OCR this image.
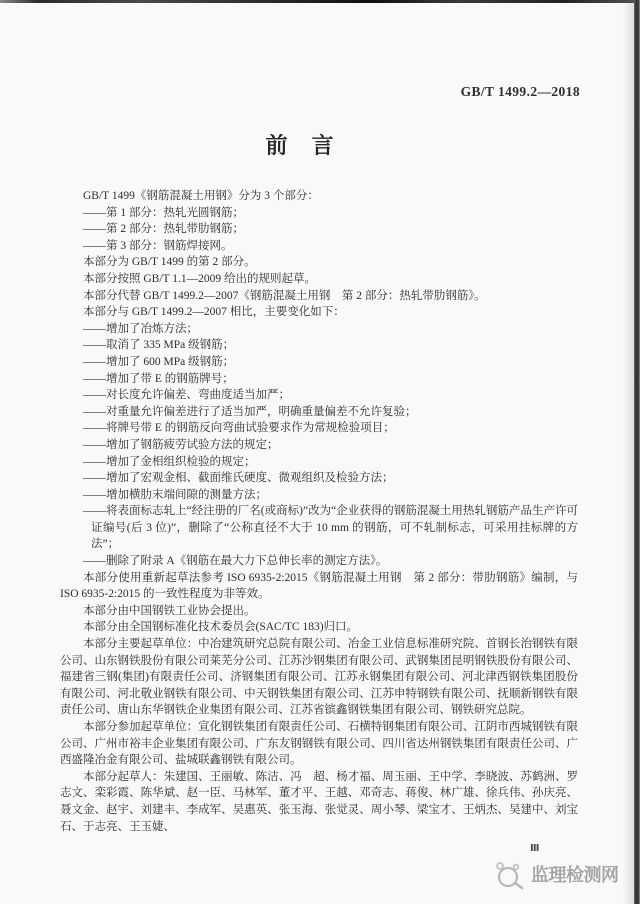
GB/T 1499.2—2018
前　言

GB/T 1499《钢筋混凝土用钢》分为 3 个部分：

——第 1 部分：热轧光圆钢筋；

——第 2 部分：热轧带肋钢筋；

——第 3 部分：钢筋焊接网。

本部分为 GB/T 1499 的第 2 部分。

本部分按照 GB/T 1.1—2009 给出的规则起草。

本部分代替 GB/T 1499.2—2007《钢筋混凝土用钢　第 2 部分：热轧带肋钢筋》。

本部分与 GB/T 1499.2—2007 相比，主要变化如下：

——增加了冶炼方法；

——取消了 335 MPa 级钢筋；

——增加了 600 MPa 级钢筋；

——增加了带 E 的钢筋牌号；

——对长度允许偏差、弯曲度适当加严；

——对重量允许偏差进行了适当加严，明确重量偏差不允许复验；

——将牌号带 E 的钢筋反向弯曲试验要求作为常规检验项目；

——增加了钢筋疲劳试验方法的规定；

——增加了金相组织检验的规定；

——增加了宏观金相、截面维氏硬度、微观组织及检验方法；

——增加横肋末端间隙的测量方法；

——将表面标志轧上“经注册的厂名(或商标)”改为“企业获得的钢筋混凝土用热轧钢筋产品生产许可证编号(后 3 位)”，删除了“公称直径不大于 10 mm 的钢筋，可不轧制标志，可采用挂标牌的方法”；

——删除了附录 A《钢筋在最大力下总伸长率的测定方法》。

本部分使用重新起草法参考 ISO 6935-2:2015《钢筋混凝土用钢　第 2 部分：带肋钢筋》编制，与 ISO 6935-2:2015 的一致性程度为非等效。

本部分由中国钢铁工业协会提出。

本部分由全国钢标准化技术委员会(SAC/TC 183)归口。

本部分主要起草单位：中冶建筑研究总院有限公司、冶金工业信息标准研究院、首钢长治钢铁有限公司、山东钢铁股份有限公司莱芜分公司、江苏沙钢集团有限公司、武钢集团昆明钢铁股份有限公司、福建省三钢(集团)有限责任公司、济钢集团有限公司、江苏永钢集团有限公司、河北津西钢铁集团股份有限公司、河北敬业钢铁有限公司、中天钢铁集团有限公司、江苏申特钢铁有限公司、抚顺新钢铁有限责任公司、唐山东华钢铁企业集团有限公司、江苏省镔鑫钢铁集团有限公司、钢铁研究总院。

本部分参加起草单位：宣化钢铁集团有限责任公司、石横特钢集团有限公司、江阴市西城钢铁有限公司、广州市裕丰企业集团有限公司、广东友钢钢铁有限公司、四川省达州钢铁集团有限责任公司、广西盛隆冶金有限公司、盐城联鑫钢铁有限公司。

本部分起草人：朱建国、王丽敏、陈洁、冯　超、杨才福、周玉丽、王中学、李晓波、苏鹤洲、罗志文、栾彩霞、陈华斌、赵一臣、马林军、董才平、王越、邓奇志、蒋俊、林广雄、徐兵伟、孙庆亮、聂文金、赵宇、刘建丰、李成军、吴惠英、张玉海、张觉灵、周小琴、梁宝才、王炳杰、吴建中、刘宝石、于志亮、王玉婕、

Ⅲ
监理检测网
